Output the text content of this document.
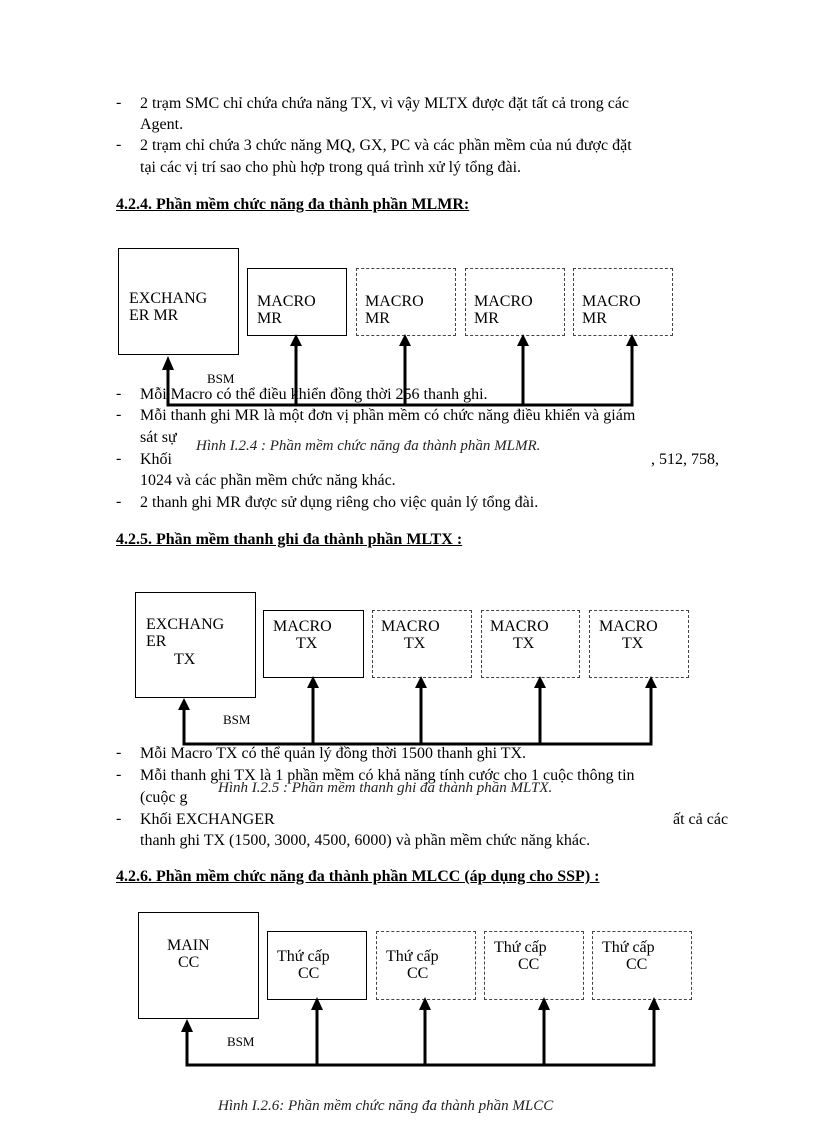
- 2 trạm SMC chỉ chứa chứa năng TX, vì vậy MLTX được đặt tất cả trong các
Agent.
- 2 trạm chỉ chứa 3 chức năng MQ, GX, PC và các phần mềm của nú được đặt
tại các vị trí sao cho phù hợp trong quá trình xử lý tổng đài.
4.2.4. Phần mềm chức năng đa thành phần MLMR:
- Mỗi Macro có thể điều khiển đồng thời 256 thanh ghi.
- Mỗi thanh ghi MR là một đơn vị phần mềm có chức năng điều khiển và giám
sát sự
- Khối	, 512, 758,
1024 và các phần mềm chức năng khác.
- 2 thanh ghi MR được sử dụng riêng cho việc quản lý tổng đài.
EXCHANG
ER MR
MACRO
MR
MACRO
MR
MACRO
MR
MACRO
MR
BSM
Hình I.2.4 : Phần mềm chức năng đa thành phần MLMR.
4.2.5. Phần mềm thanh ghi đa thành phần MLTX :
- Mỗi Macro TX có thể quản lý đồng thời 1500 thanh ghi TX.
- Mỗi thanh ghi TX là 1 phần mềm có khả năng tính cước cho 1 cuộc thông tin
(cuộc g
- Khối EXCHANGER	ất cả các
thanh ghi TX (1500, 3000, 4500, 6000) và phần mềm chức năng khác.
EXCHANG
ER
TX
MACRO
TX
MACRO
TX
MACRO
TX
MACRO
TX
BSM
Hình I.2.5 : Phần mềm thanh ghi đa thành phần MLTX.
4.2.6. Phần mềm chức năng đa thành phần MLCC (áp dụng cho SSP) :
MAIN
CC	Thứ cấp
CC
Thứ cấp
CC
Thứ cấp
CC
Thứ cấp
CC
BSM
Hình I.2.6: Phần mềm chức năng đa thành phần MLCC
